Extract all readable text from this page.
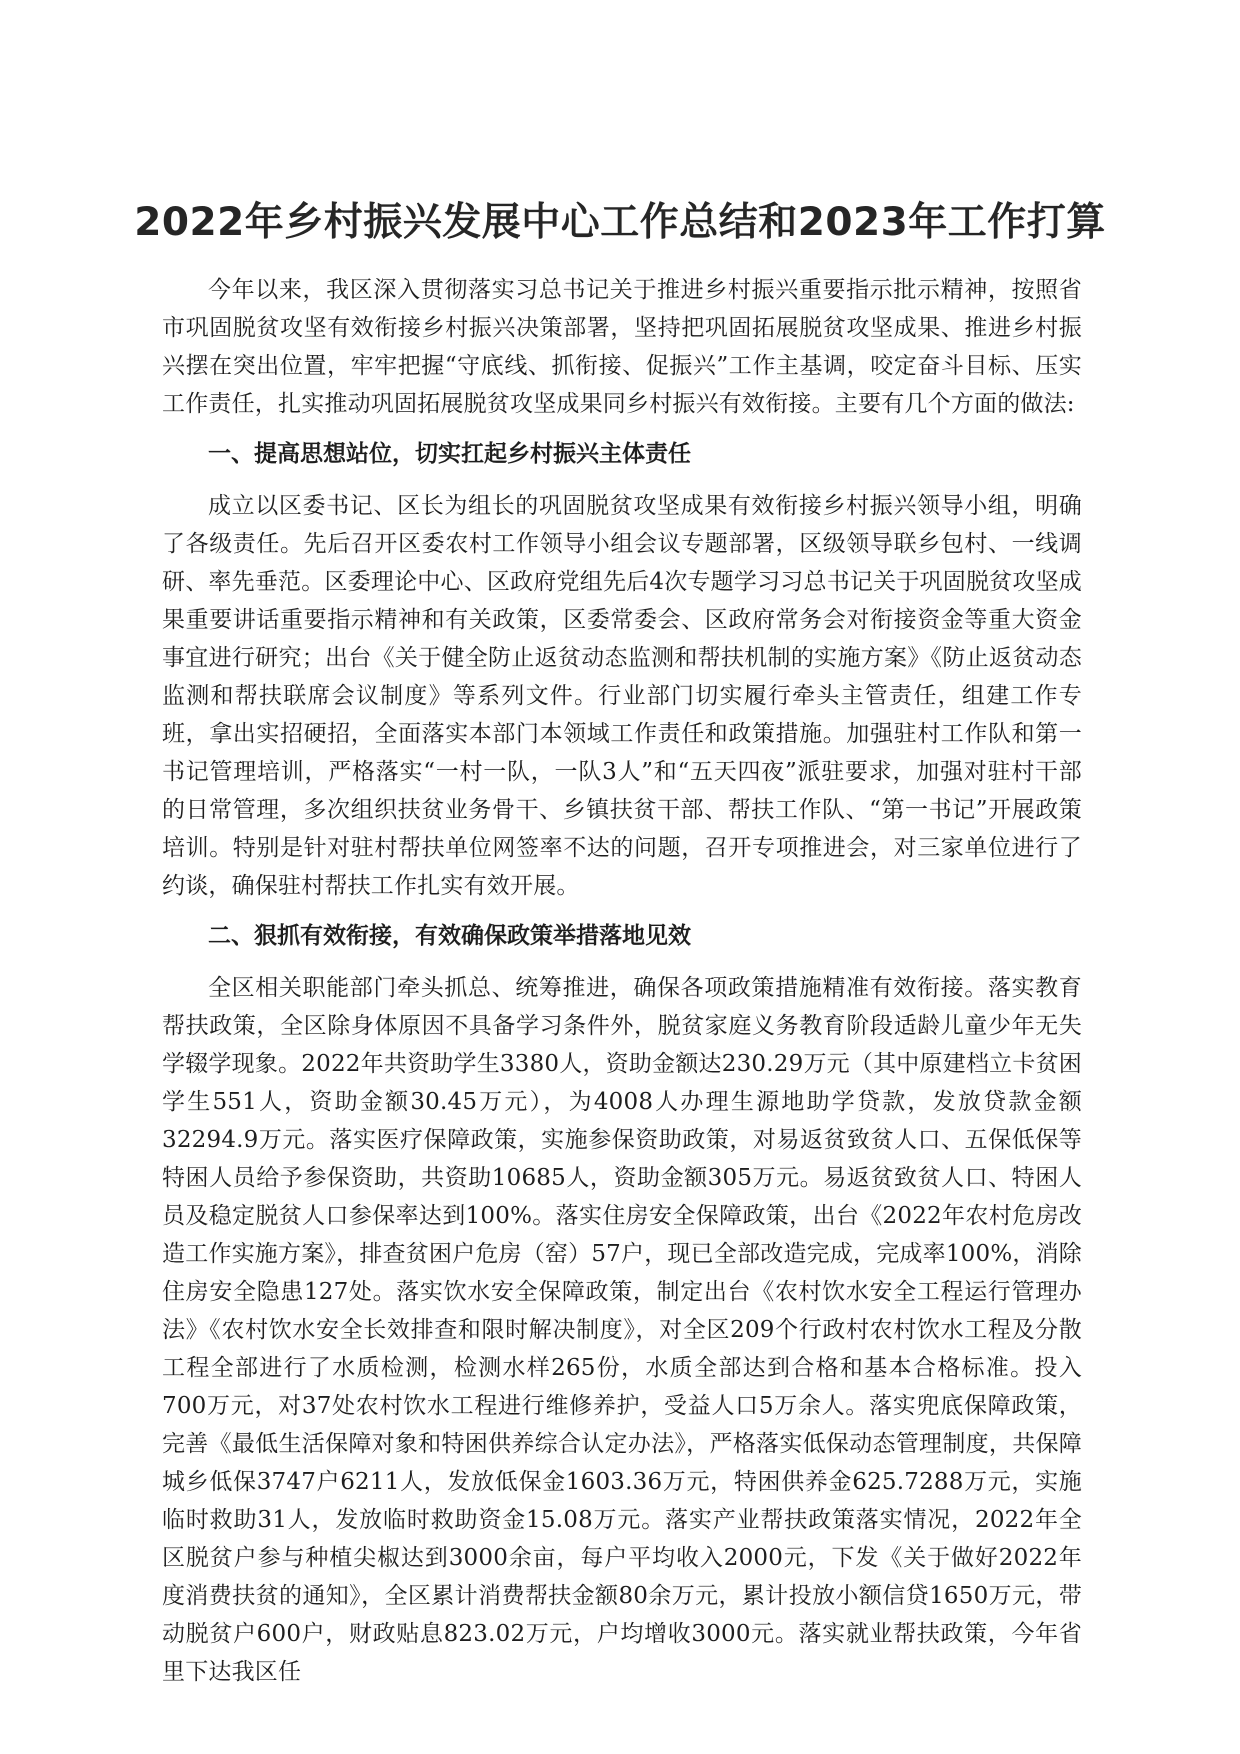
2022年乡村振兴发展中心工作总结和2023年工作打算

今年以来，我区深入贯彻落实习总书记关于推进乡村振兴重要指示批示精神，按照省市巩固脱贫攻坚有效衔接乡村振兴决策部署，坚持把巩固拓展脱贫攻坚成果、推进乡村振兴摆在突出位置，牢牢把握“守底线、抓衔接、促振兴”工作主基调，咬定奋斗目标、压实工作责任，扎实推动巩固拓展脱贫攻坚成果同乡村振兴有效衔接。主要有几个方面的做法:

一、提高思想站位，切实扛起乡村振兴主体责任

成立以区委书记、区长为组长的巩固脱贫攻坚成果有效衔接乡村振兴领导小组，明确了各级责任。先后召开区委农村工作领导小组会议专题部署，区级领导联乡包村、一线调研、率先垂范。区委理论中心、区政府党组先后4次专题学习习总书记关于巩固脱贫攻坚成果重要讲话重要指示精神和有关政策，区委常委会、区政府常务会对衔接资金等重大资金事宜进行研究；出台《关于健全防止返贫动态监测和帮扶机制的实施方案》《防止返贫动态监测和帮扶联席会议制度》等系列文件。行业部门切实履行牵头主管责任，组建工作专班，拿出实招硬招，全面落实本部门本领域工作责任和政策措施。加强驻村工作队和第一书记管理培训，严格落实“一村一队，一队3人”和“五天四夜”派驻要求，加强对驻村干部的日常管理，多次组织扶贫业务骨干、乡镇扶贫干部、帮扶工作队、“第一书记”开展政策培训。特别是针对驻村帮扶单位网签率不达的问题，召开专项推进会，对三家单位进行了约谈，确保驻村帮扶工作扎实有效开展。

二、狠抓有效衔接，有效确保政策举措落地见效

全区相关职能部门牵头抓总、统筹推进，确保各项政策措施精准有效衔接。落实教育帮扶政策，全区除身体原因不具备学习条件外，脱贫家庭义务教育阶段适龄儿童少年无失学辍学现象。2022年共资助学生3380人，资助金额达230.29万元（其中原建档立卡贫困学生551人，资助金额30.45万元），为4008人办理生源地助学贷款，发放贷款金额32294.9万元。落实医疗保障政策，实施参保资助政策，对易返贫致贫人口、五保低保等特困人员给予参保资助，共资助10685人，资助金额305万元。易返贫致贫人口、特困人员及稳定脱贫人口参保率达到100%。落实住房安全保障政策，出台《2022年农村危房改造工作实施方案》，排查贫困户危房（窑）57户，现已全部改造完成，完成率100%，消除住房安全隐患127处。落实饮水安全保障政策，制定出台《农村饮水安全工程运行管理办法》《农村饮水安全长效排查和限时解决制度》，对全区209个行政村农村饮水工程及分散工程全部进行了水质检测，检测水样265份，水质全部达到合格和基本合格标准。投入700万元，对37处农村饮水工程进行维修养护，受益人口5万余人。落实兜底保障政策，完善《最低生活保障对象和特困供养综合认定办法》，严格落实低保动态管理制度，共保障城乡低保3747户6211人，发放低保金1603.36万元，特困供养金625.7288万元，实施临时救助31人，发放临时救助资金15.08万元。落实产业帮扶政策落实情况，2022年全区脱贫户参与种植尖椒达到3000余亩，每户平均收入2000元，下发《关于做好2022年度消费扶贫的通知》，全区累计消费帮扶金额80余万元，累计投放小额信贷1650万元，带动脱贫户600户，财政贴息823.02万元，户均增收3000元。落实就业帮扶政策，今年省里下达我区任
